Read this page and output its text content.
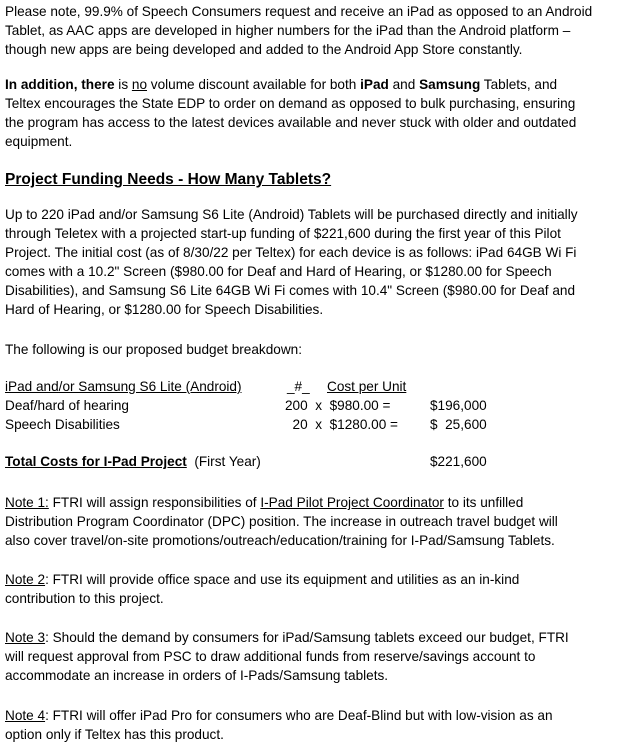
Please note, 99.9% of Speech Consumers request and receive an iPad as opposed to an Android
Tablet, as AAC apps are developed in higher numbers for the iPad than the Android platform –
though new apps are being developed and added to the Android App Store constantly.

In addition, there is no volume discount available for both iPad and Samsung Tablets, and
Teltex encourages the State EDP to order on demand as opposed to bulk purchasing, ensuring
the program has access to the latest devices available and never stuck with older and outdated
equipment.

Project Funding Needs - How Many Tablets?

Up to 220 iPad and/or Samsung S6 Lite (Android) Tablets will be purchased directly and initially
through Teletex with a projected start-up funding of $221,600 during the first year of this Pilot
Project. The initial cost (as of 8/30/22 per Teltex) for each device is as follows: iPad 64GB Wi Fi
comes with a 10.2" Screen ($980.00 for Deaf and Hard of Hearing, or $1280.00 for Speech
Disabilities), and Samsung S6 Lite 64GB Wi Fi comes with 10.4" Screen ($980.00 for Deaf and
Hard of Hearing, or $1280.00 for Speech Disabilities.

The following is our proposed budget breakdown:
iPad and/or Samsung S6 Lite (Android)	_#_ Cost per Unit
Deaf/hard of hearing	200  x  $980.00 =	$196,000
Speech Disabilities	20  x  $1280.00 = $  25,600
Total Costs for I-Pad Project  (First Year)	$221,600

Note 1: FTRI will assign responsibilities of I-Pad Pilot Project Coordinator to its unfilled
Distribution Program Coordinator (DPC) position. The increase in outreach travel budget will
also cover travel/on-site promotions/outreach/education/training for I-Pad/Samsung Tablets.

Note 2: FTRI will provide office space and use its equipment and utilities as an in-kind
contribution to this project.

Note 3: Should the demand by consumers for iPad/Samsung tablets exceed our budget, FTRI
will request approval from PSC to draw additional funds from reserve/savings account to
accommodate an increase in orders of I-Pads/Samsung tablets.

Note 4: FTRI will offer iPad Pro for consumers who are Deaf-Blind but with low-vision as an
option only if Teltex has this product.
